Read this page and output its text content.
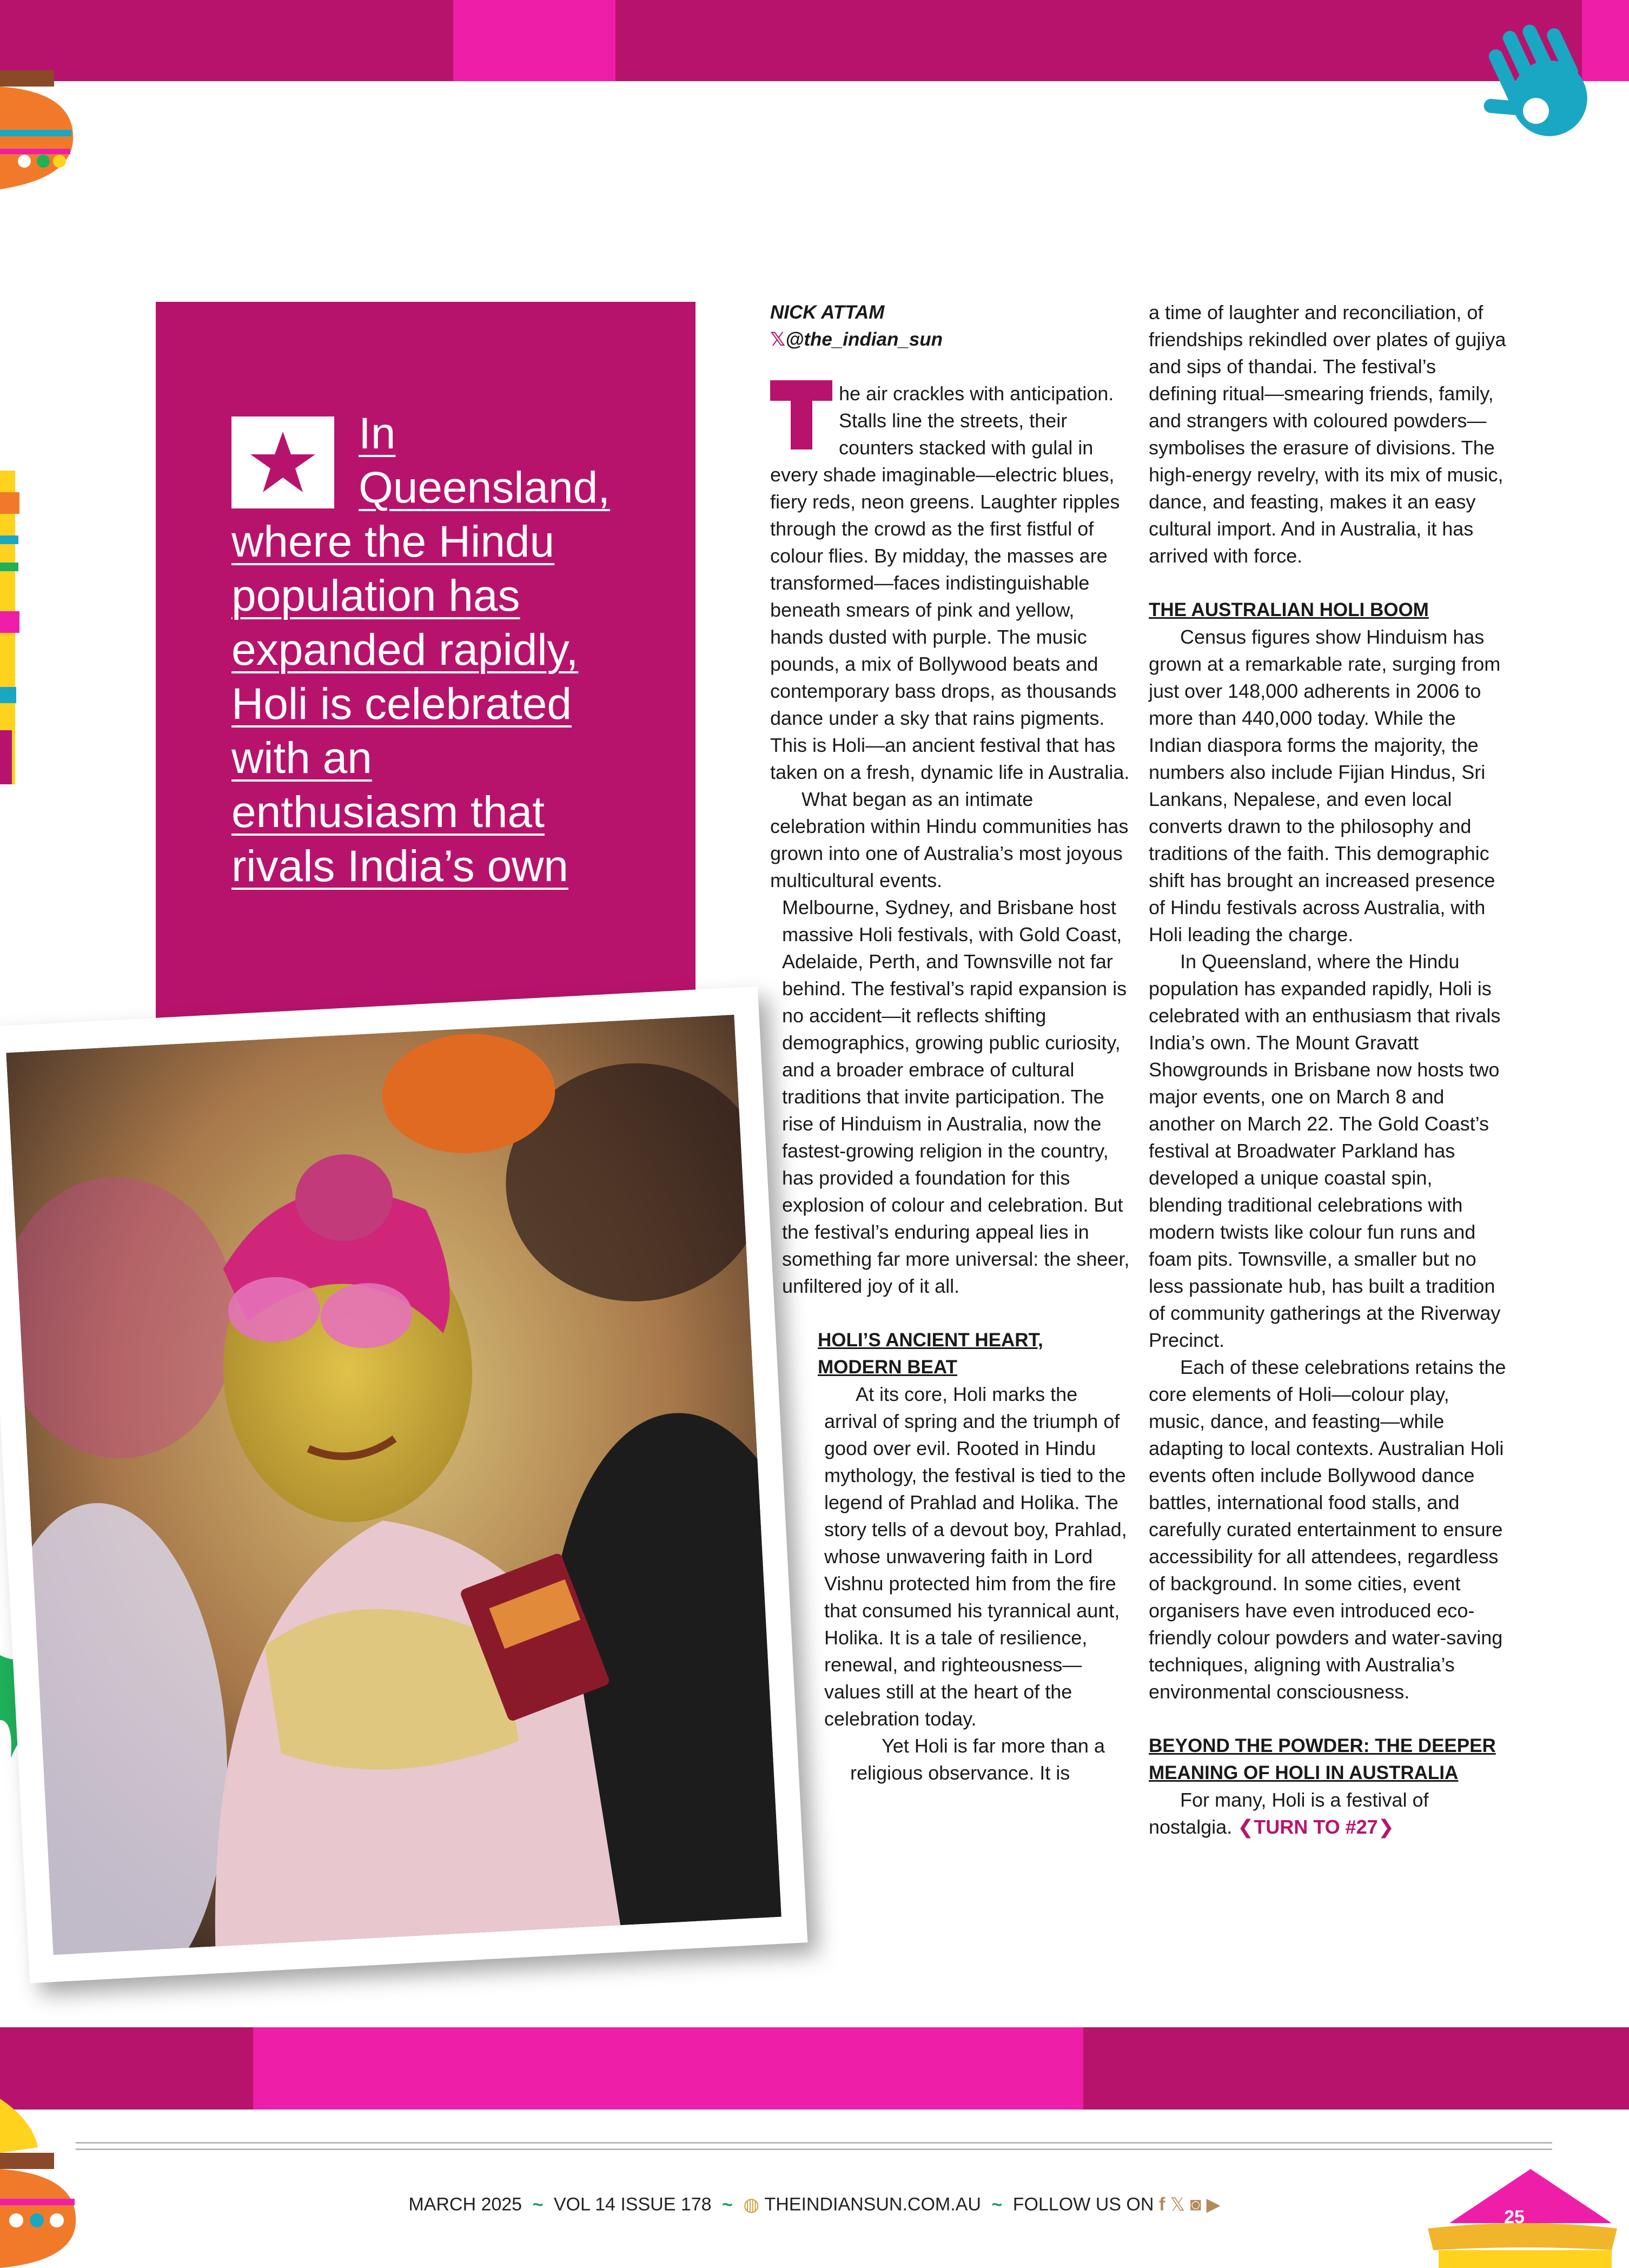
In
Queensland,
where the Hindu
population has
expanded rapidly,
Holi is celebrated
with an
enthusiasm that
rivals India’s own
NICK ATTAM
𝕏@the_indian_sun

he air crackles with anticipation. Stalls line the streets, their counters stacked with gulal in every shade imaginable—electric blues, fiery reds, neon greens. Laughter ripples through the crowd as the first fistful of colour flies. By midday, the masses are transformed—faces indistinguishable beneath smears of pink and yellow, hands dusted with purple. The music pounds, a mix of Bollywood beats and contemporary bass drops, as thousands dance under a sky that rains pigments. This is Holi—an ancient festival that has taken on a fresh, dynamic life in Australia.

What began as an intimate celebration within Hindu communities has grown into one of Australia’s most joyous multicultural events.

Melbourne, Sydney, and Brisbane host massive Holi festivals, with Gold Coast, Adelaide, Perth, and Townsville not far behind. The festival’s rapid expansion is no accident—it reflects shifting demographics, growing public curiosity, and a broader embrace of cultural traditions that invite participation. The rise of Hinduism in Australia, now the fastest-growing religion in the country, has provided a foundation for this explosion of colour and celebration. But the festival’s enduring appeal lies in something far more universal: the sheer, unfiltered joy of it all.

HOLI’S ANCIENT HEART, MODERN BEAT

At its core, Holi marks the arrival of spring and the triumph of good over evil. Rooted in Hindu mythology, the festival is tied to the legend of Prahlad and Holika. The story tells of a devout boy, Prahlad, whose unwavering faith in Lord Vishnu protected him from the fire that consumed his tyrannical aunt, Holika. It is a tale of resilience, renewal, and righteousness—values still at the heart of the celebration today.

Yet Holi is far more than a religious observance. It is

a time of laughter and reconciliation, of friendships rekindled over plates of gujiya and sips of thandai. The festival’s defining ritual—smearing friends, family, and strangers with coloured powders—symbolises the erasure of divisions. The high-energy revelry, with its mix of music, dance, and feasting, makes it an easy cultural import. And in Australia, it has arrived with force.

THE AUSTRALIAN HOLI BOOM

Census figures show Hinduism has grown at a remarkable rate, surging from just over 148,000 adherents in 2006 to more than 440,000 today. While the Indian diaspora forms the majority, the numbers also include Fijian Hindus, Sri Lankans, Nepalese, and even local converts drawn to the philosophy and traditions of the faith. This demographic shift has brought an increased presence of Hindu festivals across Australia, with Holi leading the charge.

In Queensland, where the Hindu population has expanded rapidly, Holi is celebrated with an enthusiasm that rivals India’s own. The Mount Gravatt Showgrounds in Brisbane now hosts two major events, one on March 8 and another on March 22. The Gold Coast’s festival at Broadwater Parkland has developed a unique coastal spin, blending traditional celebrations with modern twists like colour fun runs and foam pits. Townsville, a smaller but no less passionate hub, has built a tradition of community gatherings at the Riverway Precinct.

Each of these celebrations retains the core elements of Holi—colour play, music, dance, and feasting—while adapting to local contexts. Australian Holi events often include Bollywood dance battles, international food stalls, and carefully curated entertainment to ensure accessibility for all attendees, regardless of background. In some cities, event organisers have even introduced eco-friendly colour powders and water-saving techniques, aligning with Australia’s environmental consciousness.

BEYOND THE POWDER: THE DEEPER MEANING OF HOLI IN AUSTRALIA

For many, Holi is a festival of nostalgia. ❮TURN TO #27❯

MARCH 2025 ~ VOL 14 ISSUE 178 ~ ◍ THEINDIANSUN.COM.AU ~ FOLLOW US ON f 𝕏 ◙ ▶
25
